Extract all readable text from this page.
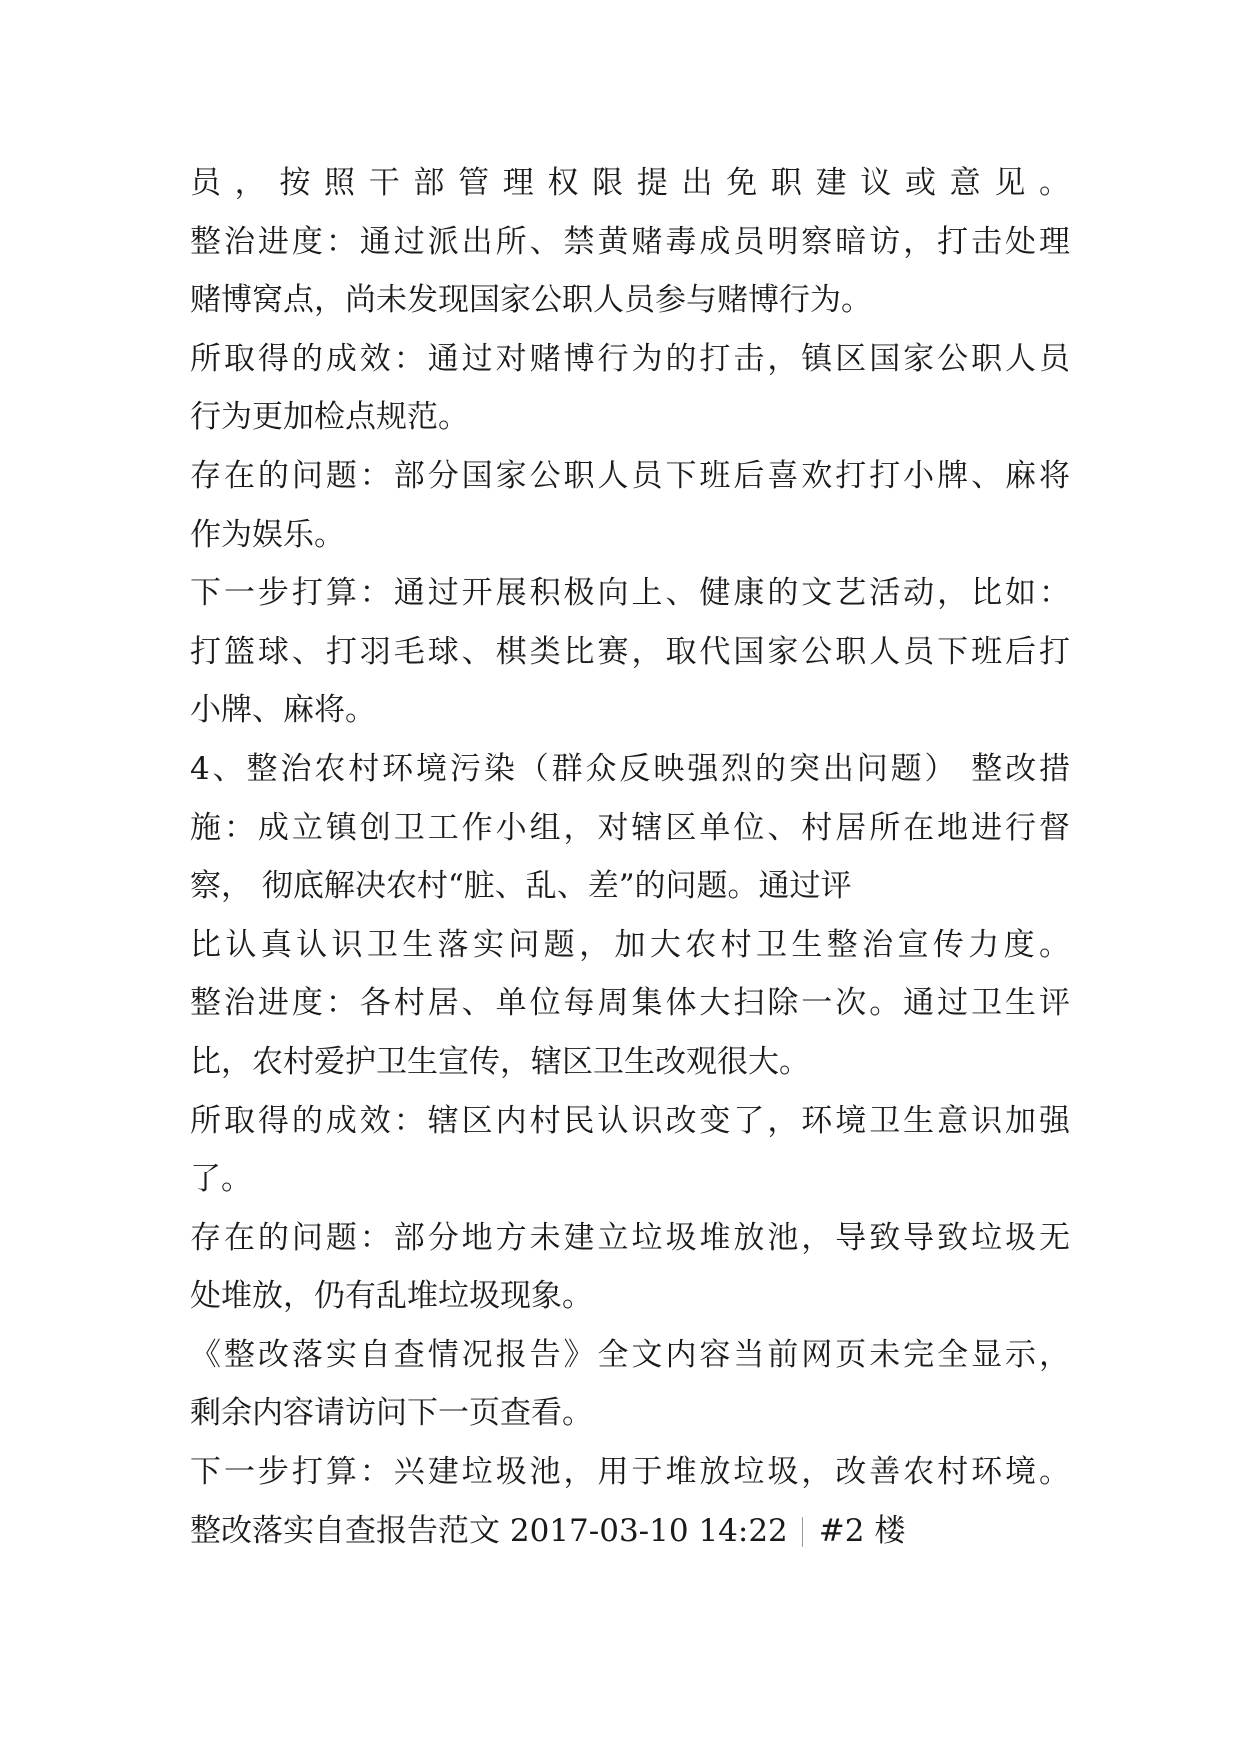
员，按照干部管理权限提出免职建议或意见。

整治进度：通过派出所、禁黄赌毒成员明察暗访，打击处理

赌博窝点，尚未发现国家公职人员参与赌博行为。

所取得的成效：通过对赌博行为的打击，镇区国家公职人员

行为更加检点规范。

存在的问题：部分国家公职人员下班后喜欢打打小牌、麻将

作为娱乐。

下一步打算：通过开展积极向上、健康的文艺活动，比如：

打篮球、打羽毛球、棋类比赛，取代国家公职人员下班后打

小牌、麻将。

4、整治农村环境污染（群众反映强烈的突出问题） 整改措

施：成立镇创卫工作小组，对辖区单位、村居所在地进行督

察， 彻底解决农村“脏、乱、差”的问题。通过评

比认真认识卫生落实问题，加大农村卫生整治宣传力度。

整治进度：各村居、单位每周集体大扫除一次。通过卫生评

比，农村爱护卫生宣传，辖区卫生改观很大。

所取得的成效：辖区内村民认识改变了，环境卫生意识加强

了。

存在的问题：部分地方未建立垃圾堆放池，导致导致垃圾无

处堆放，仍有乱堆垃圾现象。

《整改落实自查情况报告》全文内容当前网页未完全显示，

剩余内容请访问下一页查看。

下一步打算：兴建垃圾池，用于堆放垃圾，改善农村环境。

整改落实自查报告范文 2017-03-10 14:22 #2 楼
